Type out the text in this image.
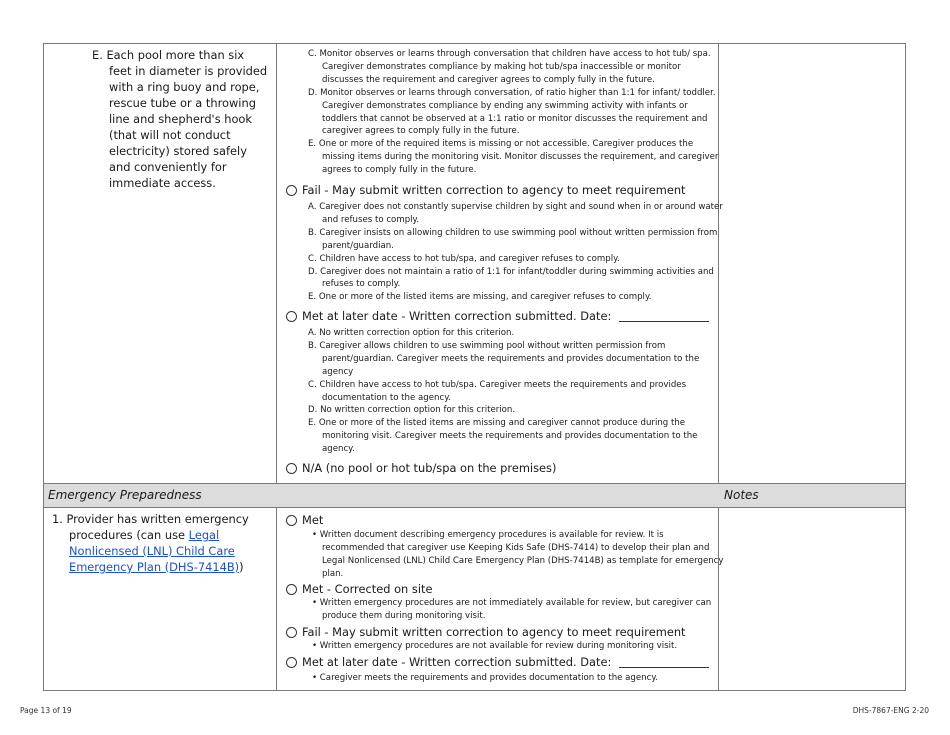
Emergency Preparedness	Notes
E. Each pool more than six feet in diameter is provided with a ring buoy and rope, rescue tube or a throwing line and shepherd's hook (that will not conduct electricity) stored safely and conveniently for immediate access.
C. Monitor observes or learns through conversation that children have access to hot tub/ spa. Caregiver demonstrates compliance by making hot tub/spa inaccessible or monitor discusses the requirement and caregiver agrees to comply fully in the future.
D. Monitor observes or learns through conversation, of ratio higher than 1:1 for infant/ toddler. Caregiver demonstrates compliance by ending any swimming activity with infants or toddlers that cannot be observed at a 1:1 ratio or monitor discusses the requirement and caregiver agrees to comply fully in the future.
E. One or more of the required items is missing or not accessible. Caregiver produces the missing items during the monitoring visit. Monitor discusses the requirement, and caregiver agrees to comply fully in the future.
Fail - May submit written correction to agency to meet requirement
A. Caregiver does not constantly supervise children by sight and sound when in or around water and refuses to comply.
B. Caregiver insists on allowing children to use swimming pool without written permission from parent/guardian.
C. Children have access to hot tub/spa, and caregiver refuses to comply.
D. Caregiver does not maintain a ratio of 1:1 for infant/toddler during swimming activities and refuses to comply.
E. One or more of the listed items are missing, and caregiver refuses to comply.
Met at later date - Written correction submitted. Date:
A. No written correction option for this criterion.
B. Caregiver allows children to use swimming pool without written permission from parent/guardian. Caregiver meets the requirements and provides documentation to the agency
C. Children have access to hot tub/spa. Caregiver meets the requirements and provides documentation to the agency.
D. No written correction option for this criterion.
E. One or more of the listed items are missing and caregiver cannot produce during the monitoring visit. Caregiver meets the requirements and provides documentation to the agency.
N/A (no pool or hot tub/spa on the premises)
1. Provider has written emergency procedures (can use Legal Nonlicensed (LNL) Child Care Emergency Plan (DHS-7414B))
Met
• Written document describing emergency procedures is available for review. It is recommended that caregiver use Keeping Kids Safe (DHS-7414) to develop their plan and Legal Nonlicensed (LNL) Child Care Emergency Plan (DHS-7414B) as template for emergency plan.
Met - Corrected on site
• Written emergency procedures are not immediately available for review, but caregiver can produce them during monitoring visit.
Fail - May submit written correction to agency to meet requirement
• Written emergency procedures are not available for review during monitoring visit.
Met at later date - Written correction submitted. Date:
• Caregiver meets the requirements and provides documentation to the agency.
Page 13 of 19	DHS-7867-ENG 2-20
